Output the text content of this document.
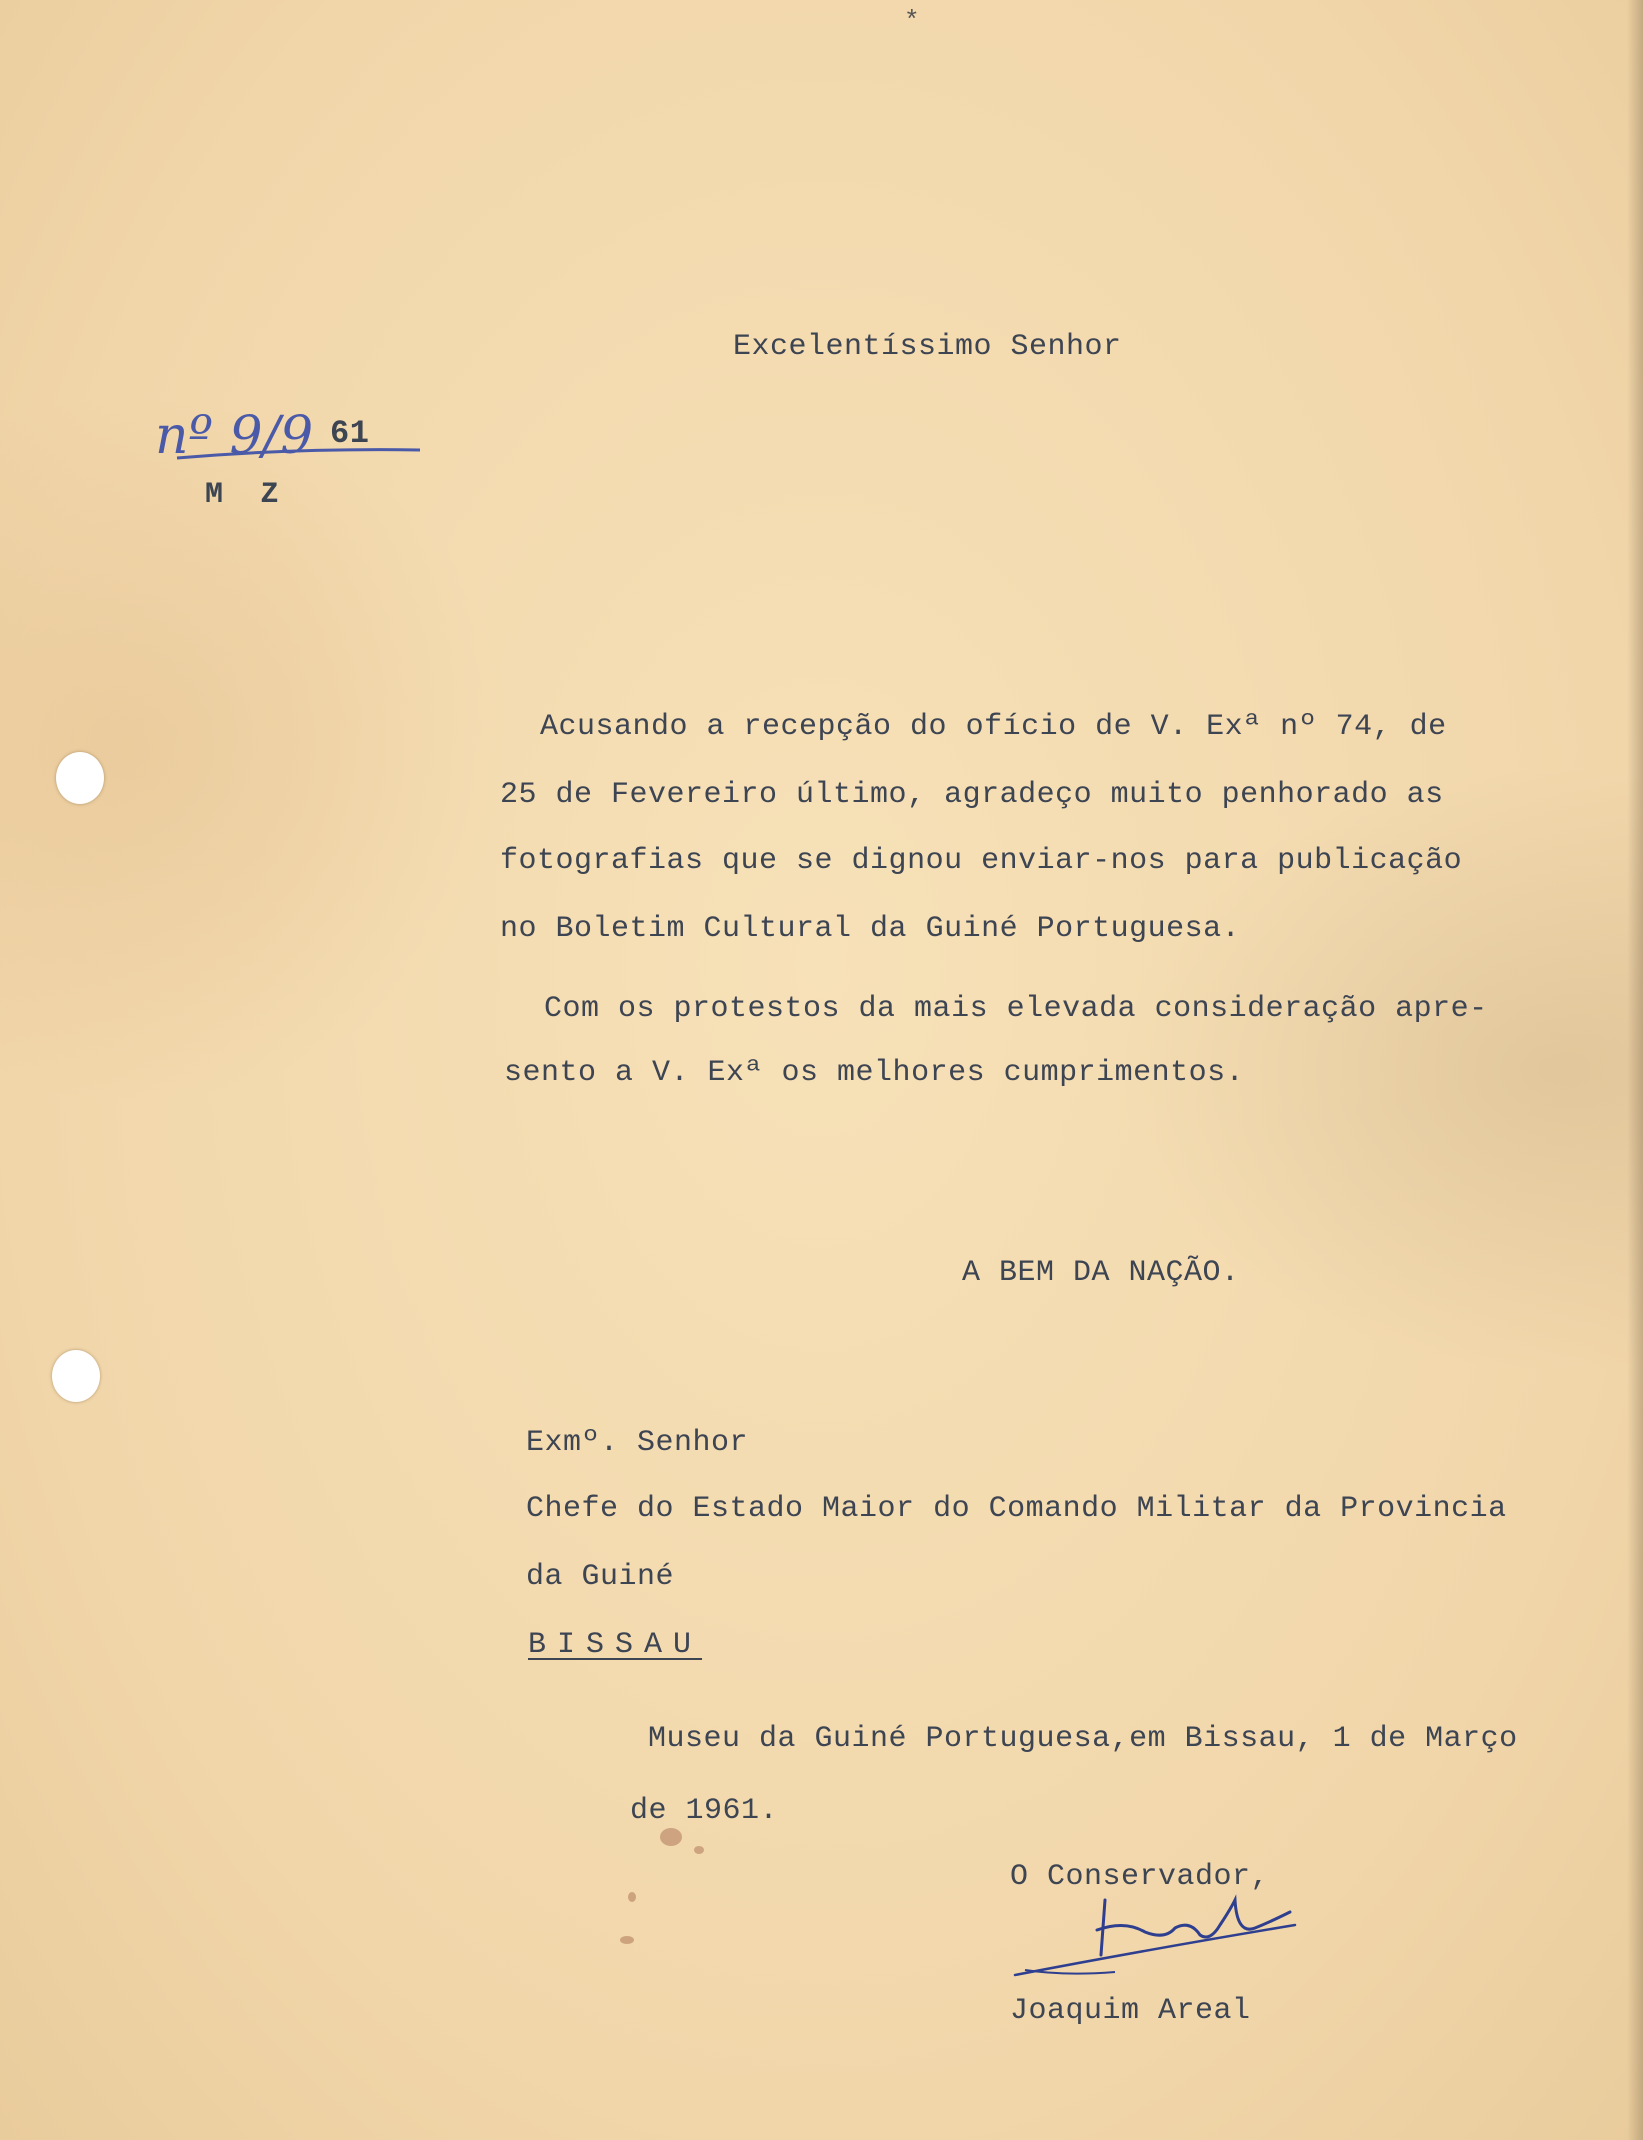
*
nº 9/9 61
M  Z
Excelentíssimo Senhor
Acusando a recepção do ofício de V. Exª nº 74, de
25 de Fevereiro último, agradeço muito penhorado as
fotografias que se dignou enviar-nos para publicação
no Boletim Cultural da Guiné Portuguesa.
Com os protestos da mais elevada consideração apre-
sento a V. Exª os melhores cumprimentos.
A BEM DA NAÇÃO.
Exmº. Senhor
Chefe do Estado Maior do Comando Militar da Provincia
da Guiné
BISSAU
Museu da Guiné Portuguesa,em Bissau, 1 de Março
de 1961.
O Conservador,
Joaquim Areal
